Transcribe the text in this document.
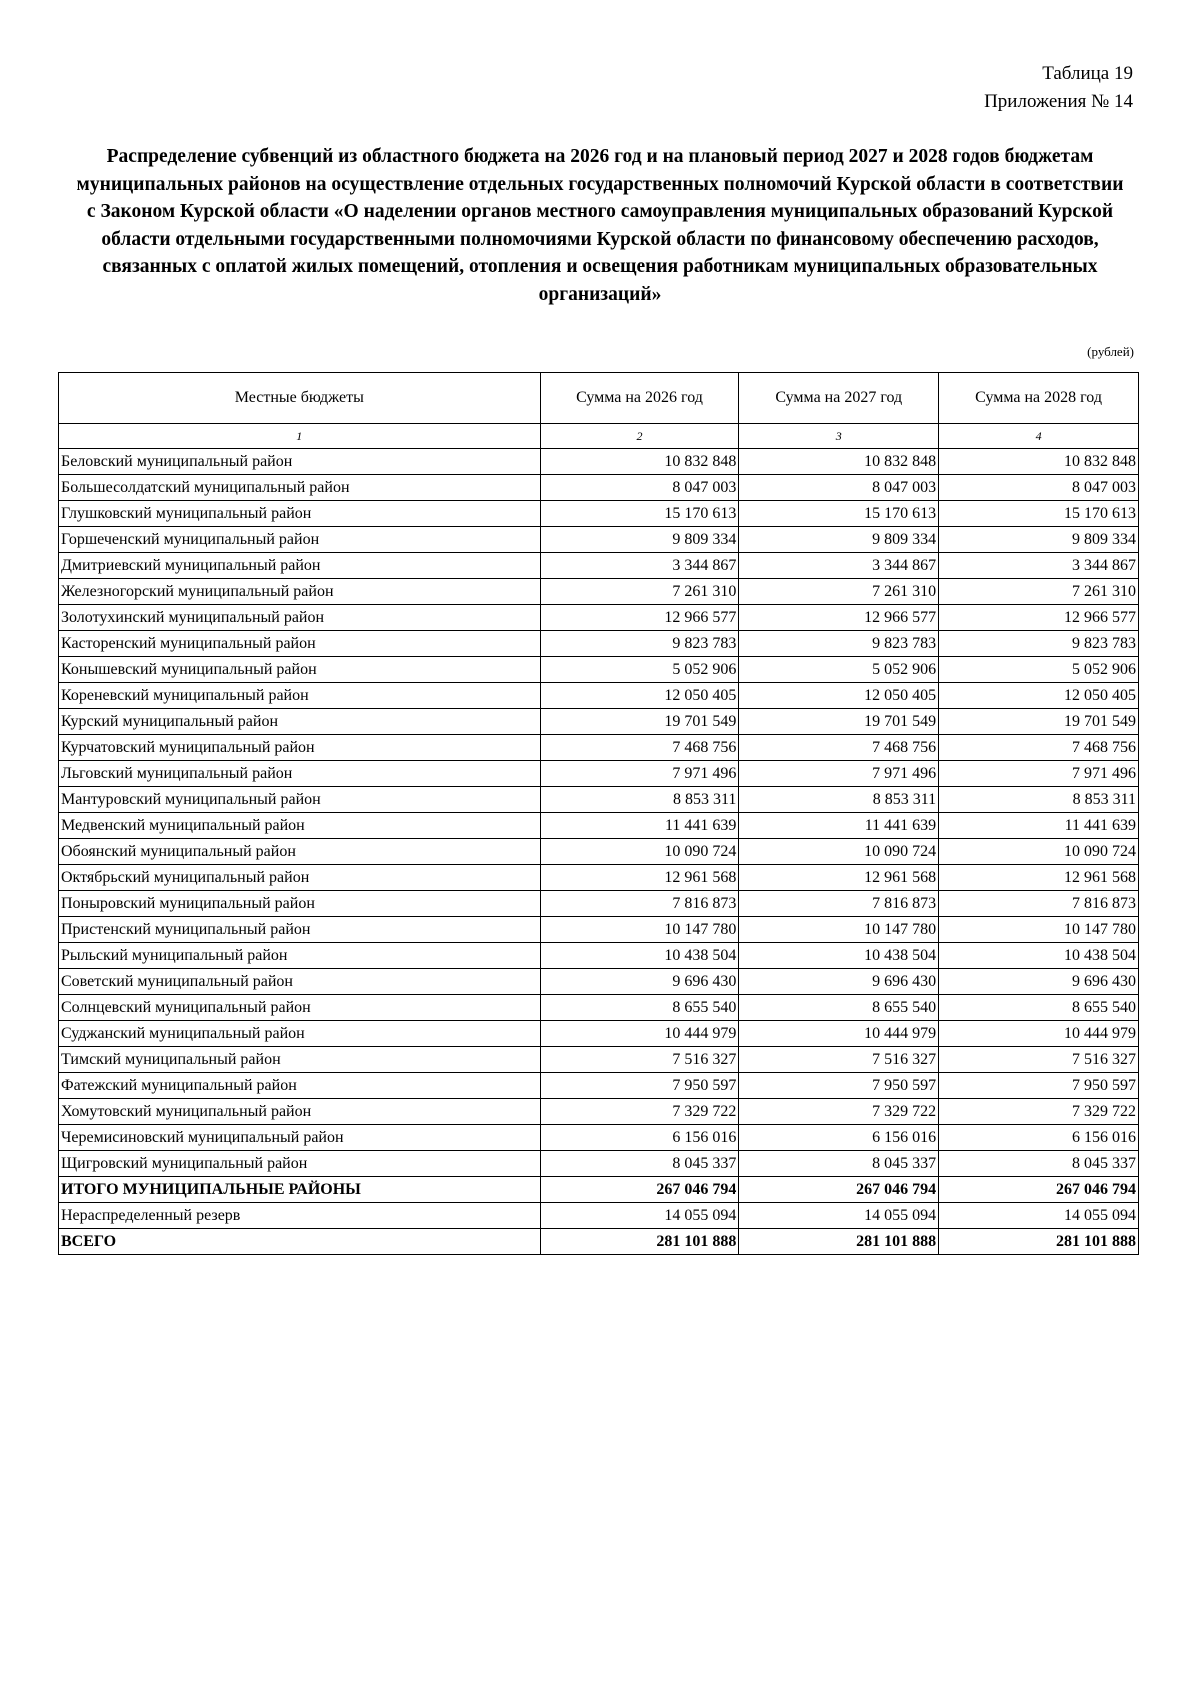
Таблица 19
Приложения № 14
Распределение субвенций из областного бюджета на 2026 год и на плановый период 2027 и 2028 годов бюджетам муниципальных районов на осуществление отдельных государственных полномочий Курской области в соответствии с Законом Курской области «О наделении органов местного самоуправления муниципальных образований Курской области отдельными государственными полномочиями Курской области по финансовому обеспечению расходов, связанных с оплатой жилых помещений, отопления и освещения работникам муниципальных образовательных организаций»
(рублей)
Местные бюджеты	Сумма на 2026 год	Сумма на 2027 год	Сумма на 2028 год
1	2	3	4
Беловский муниципальный район	10 832 848	10 832 848	10 832 848
Большесолдатский муниципальный район	8 047 003	8 047 003	8 047 003
Глушковский муниципальный район	15 170 613	15 170 613	15 170 613
Горшеченский муниципальный район	9 809 334	9 809 334	9 809 334
Дмитриевский муниципальный район	3 344 867	3 344 867	3 344 867
Железногорский муниципальный район	7 261 310	7 261 310	7 261 310
Золотухинский муниципальный район	12 966 577	12 966 577	12 966 577
Касторенский муниципальный район	9 823 783	9 823 783	9 823 783
Конышевский муниципальный район	5 052 906	5 052 906	5 052 906
Кореневский муниципальный район	12 050 405	12 050 405	12 050 405
Курский муниципальный район	19 701 549	19 701 549	19 701 549
Курчатовский муниципальный район	7 468 756	7 468 756	7 468 756
Льговский муниципальный район	7 971 496	7 971 496	7 971 496
Мантуровский муниципальный район	8 853 311	8 853 311	8 853 311
Медвенский муниципальный район	11 441 639	11 441 639	11 441 639
Обоянский муниципальный район	10 090 724	10 090 724	10 090 724
Октябрьский муниципальный район	12 961 568	12 961 568	12 961 568
Поныровский муниципальный район	7 816 873	7 816 873	7 816 873
Пристенский муниципальный район	10 147 780	10 147 780	10 147 780
Рыльский муниципальный район	10 438 504	10 438 504	10 438 504
Советский муниципальный район	9 696 430	9 696 430	9 696 430
Солнцевский муниципальный район	8 655 540	8 655 540	8 655 540
Суджанский муниципальный район	10 444 979	10 444 979	10 444 979
Тимский муниципальный район	7 516 327	7 516 327	7 516 327
Фатежский муниципальный район	7 950 597	7 950 597	7 950 597
Хомутовский муниципальный район	7 329 722	7 329 722	7 329 722
Черемисиновский муниципальный район	6 156 016	6 156 016	6 156 016
Щигровский муниципальный район	8 045 337	8 045 337	8 045 337
ИТОГО МУНИЦИПАЛЬНЫЕ РАЙОНЫ	267 046 794	267 046 794	267 046 794
Нераспределенный резерв	14 055 094	14 055 094	14 055 094
ВСЕГО	281 101 888	281 101 888	281 101 888
